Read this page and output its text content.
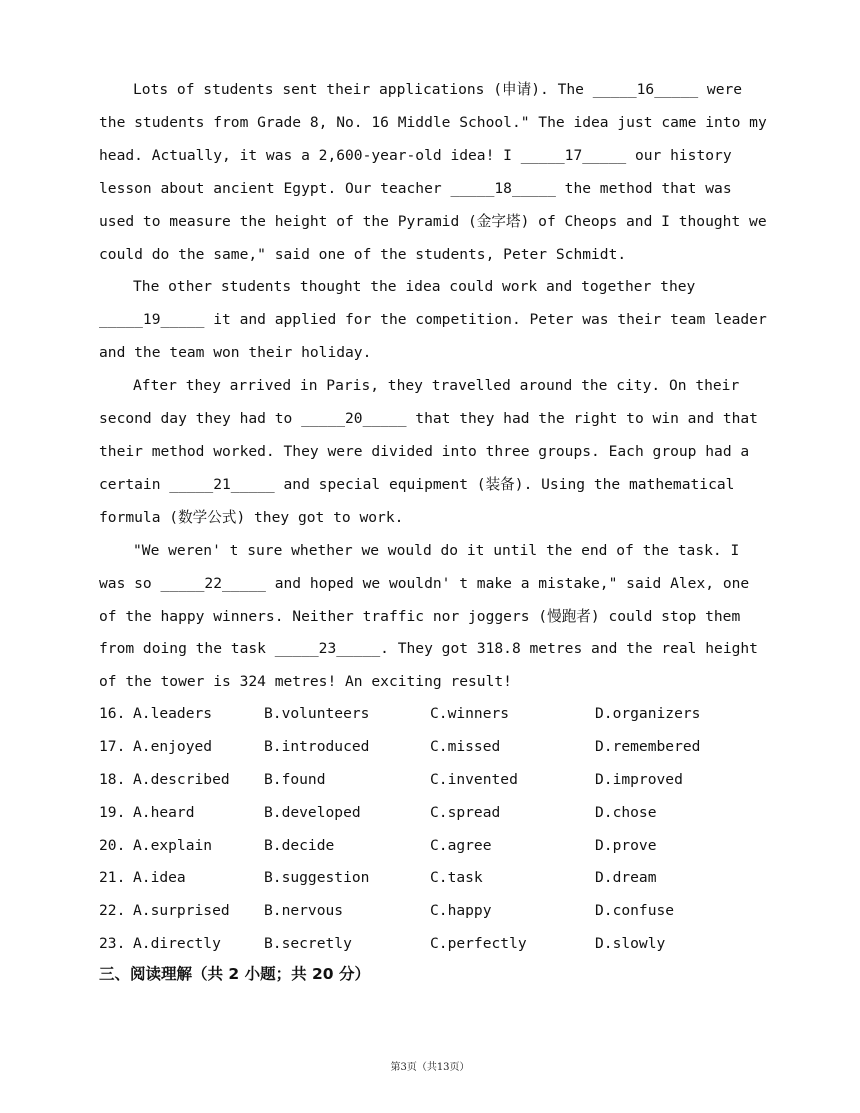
Lots of students sent their applications (申请). The _____16_____ were the students from Grade 8, No. 16 Middle School." The idea just came into my head. Actually, it was a 2,600-year-old idea! I _____17_____ our history lesson about ancient Egypt. Our teacher _____18_____ the method that was used to measure the height of the Pyramid (金字塔) of Cheops and I thought we could do the same," said one of the students, Peter Schmidt.

The other students thought the idea could work and together they _____19_____ it and applied for the competition. Peter was their team leader and the team won their holiday.

After they arrived in Paris, they travelled around the city. On their second day they had to _____20_____ that they had the right to win and that their method worked. They were divided into three groups. Each group had a certain _____21_____ and special equipment (装备). Using the mathematical formula (数学公式) they got to work.

"We weren' t sure whether we would do it until the end of the task. I was so _____22_____ and hoped we wouldn' t make a mistake," said Alex, one of the happy winners. Neither traffic nor joggers (慢跑者) could stop them from doing the task _____23_____. They got 318.8 metres and the real height of the tower is 324 metres! An exciting result!

16. A.leaders	B.volunteers	C.winners	D.organizers
17. A.enjoyed	B.introduced	C.missed	D.remembered
18. A.described B.found	C.invented	D.improved
19. A.heard	B.developed	C.spread	D.chose
20. A.explain	B.decide	C.agree	D.prove
21. A.idea	B.suggestion	C.task	D.dream
22. A.surprised B.nervous	C.happy	D.confuse
23. A.directly	B.secretly	C.perfectly	D.slowly
三、阅读理解（共 2 小题；共 20 分）
第3页（共13页）
